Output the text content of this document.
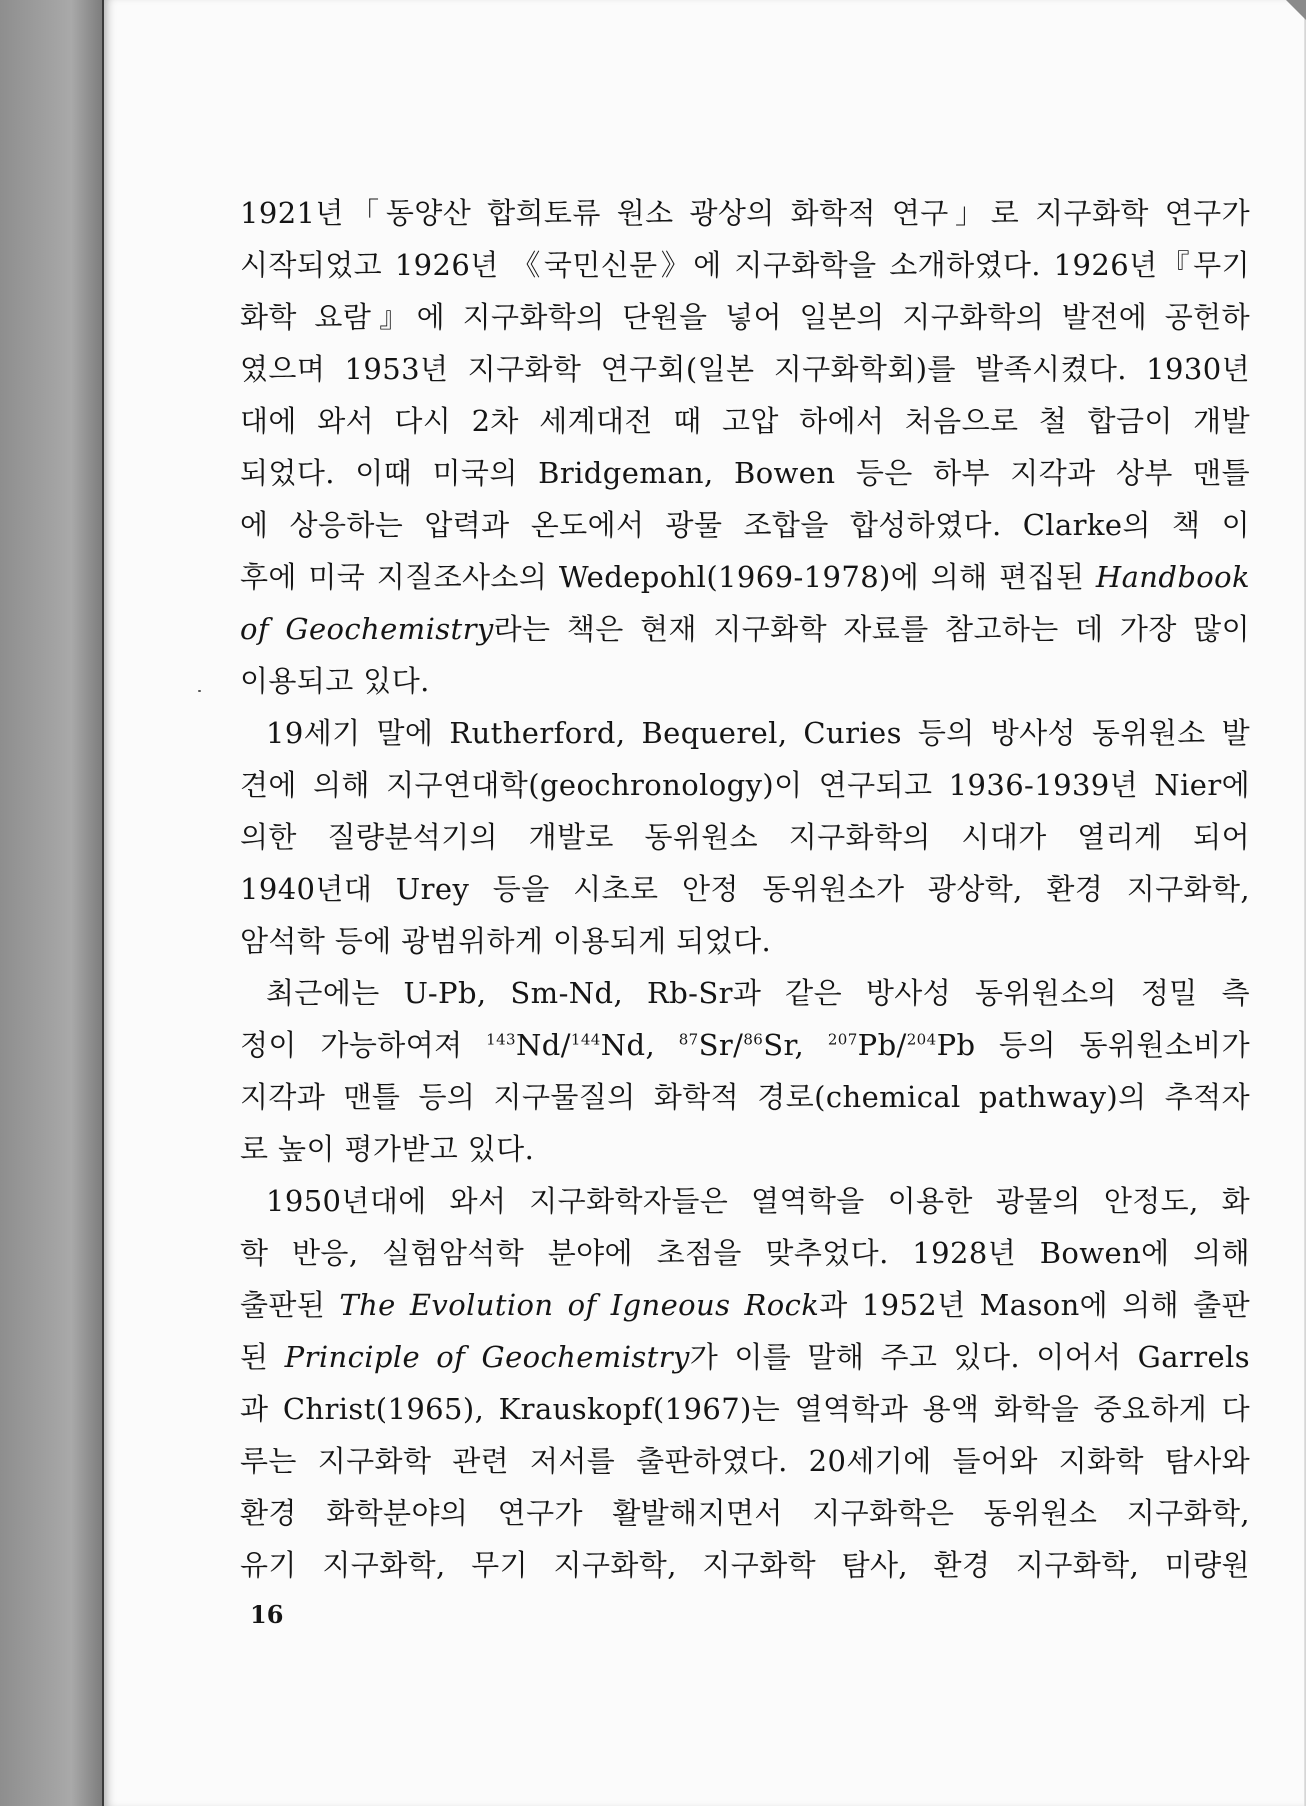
1921년「동양산 합희토류 원소 광상의 화학적 연구」로 지구화학 연구가
시작되었고 1926년 《국민신문》에 지구화학을 소개하였다. 1926년『무기
화학 요람』에 지구화학의 단원을 넣어 일본의 지구화학의 발전에 공헌하
였으며 1953년 지구화학 연구회(일본 지구화학회)를 발족시켰다. 1930년
대에 와서 다시 2차 세계대전 때 고압 하에서 처음으로 철 합금이 개발
되었다. 이때 미국의 Bridgeman, Bowen 등은 하부 지각과 상부 맨틀
에 상응하는 압력과 온도에서 광물 조합을 합성하였다. Clarke의 책 이
후에 미국 지질조사소의 Wedepohl(1969-1978)에 의해 편집된 Handbook
of Geochemistry라는 책은 현재 지구화학 자료를 참고하는 데 가장 많이
이용되고 있다.
19세기 말에 Rutherford, Bequerel, Curies 등의 방사성 동위원소 발
견에 의해 지구연대학(geochronology)이 연구되고 1936-1939년 Nier에
의한 질량분석기의 개발로 동위원소 지구화학의 시대가 열리게 되어
1940년대 Urey 등을 시초로 안정 동위원소가 광상학, 환경 지구화학,
암석학 등에 광범위하게 이용되게 되었다.
최근에는 U-Pb, Sm-Nd, Rb-Sr과 같은 방사성 동위원소의 정밀 측
정이 가능하여져 $^{143}$Nd/$^{144}$Nd, $^{87}$Sr/$^{86}$Sr, $^{207}$Pb/$^{204}$Pb 등의 동위원소비가
지각과 맨틀 등의 지구물질의 화학적 경로(chemical pathway)의 추적자
로 높이 평가받고 있다.
1950년대에 와서 지구화학자들은 열역학을 이용한 광물의 안정도, 화
학 반응, 실험암석학 분야에 초점을 맞추었다. 1928년 Bowen에 의해
출판된 The Evolution of Igneous Rock과 1952년 Mason에 의해 출판
된 Principle of Geochemistry가 이를 말해 주고 있다. 이어서 Garrels
과 Christ(1965), Krauskopf(1967)는 열역학과 용액 화학을 중요하게 다
루는 지구화학 관련 저서를 출판하였다. 20세기에 들어와 지화학 탐사와
환경 화학분야의 연구가 활발해지면서 지구화학은 동위원소 지구화학,
유기 지구화학, 무기 지구화학, 지구화학 탐사, 환경 지구화학, 미량원
16
